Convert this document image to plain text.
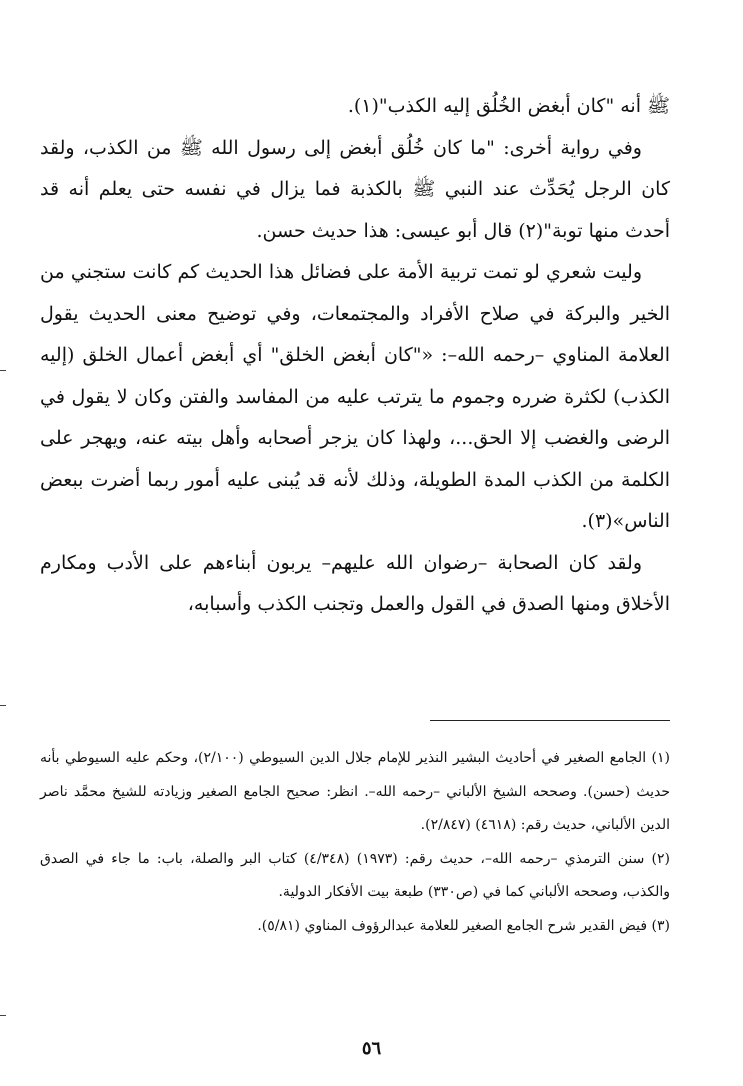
ﷺ أنه "كان أبغض الخُلُق إليه الكذب"(١).

وفي رواية أخرى: "ما كان خُلُق أبغض إلى رسول الله ﷺ من الكذب، ولقد كان الرجل يُحَدِّث عند النبي ﷺ بالكذبة فما يزال في نفسه حتى يعلم أنه قد أحدث منها توبة"(٢) قال أبو عيسى: هذا حديث حسن.

وليت شعري لو تمت تربية الأمة على فضائل هذا الحديث كم كانت ستجني من الخير والبركة في صلاح الأفراد والمجتمعات، وفي توضيح معنى الحديث يقول العلامة المناوي –رحمه الله–: «"كان أبغض الخلق" أي أبغض أعمال الخلق (إليه الكذب) لكثرة ضرره وجموم ما يترتب عليه من المفاسد والفتن وكان لا يقول في الرضى والغضب إلا الحق...، ولهذا كان يزجر أصحابه وأهل بيته عنه، ويهجر على الكلمة من الكذب المدة الطويلة، وذلك لأنه قد يُبنى عليه أمور ربما أضرت ببعض الناس»(٣).

ولقد كان الصحابة –رضوان الله عليهم– يربون أبناءهم على الأدب ومكارم الأخلاق ومنها الصدق في القول والعمل وتجنب الكذب وأسبابه،

(١) الجامع الصغير في أحاديث البشير النذير للإمام جلال الدين السيوطي (٢/١٠٠)، وحكم عليه السيوطي بأنه حديث (حسن). وصححه الشيخ الألباني –رحمه الله–. انظر: صحيح الجامع الصغير وزيادته للشيخ محمَّد ناصر الدين الألباني، حديث رقم: (٤٦١٨) (٢/٨٤٧).

(٢) سنن الترمذي –رحمه الله–، حديث رقم: (١٩٧٣) (٤/٣٤٨) كتاب البر والصلة، باب: ما جاء في الصدق والكذب، وصححه الألباني كما في (ص٣٣٠) طبعة بيت الأفكار الدولية.

(٣) فيض القدير شرح الجامع الصغير للعلامة عبدالرؤوف المناوي (٥/٨١).

٥٦
